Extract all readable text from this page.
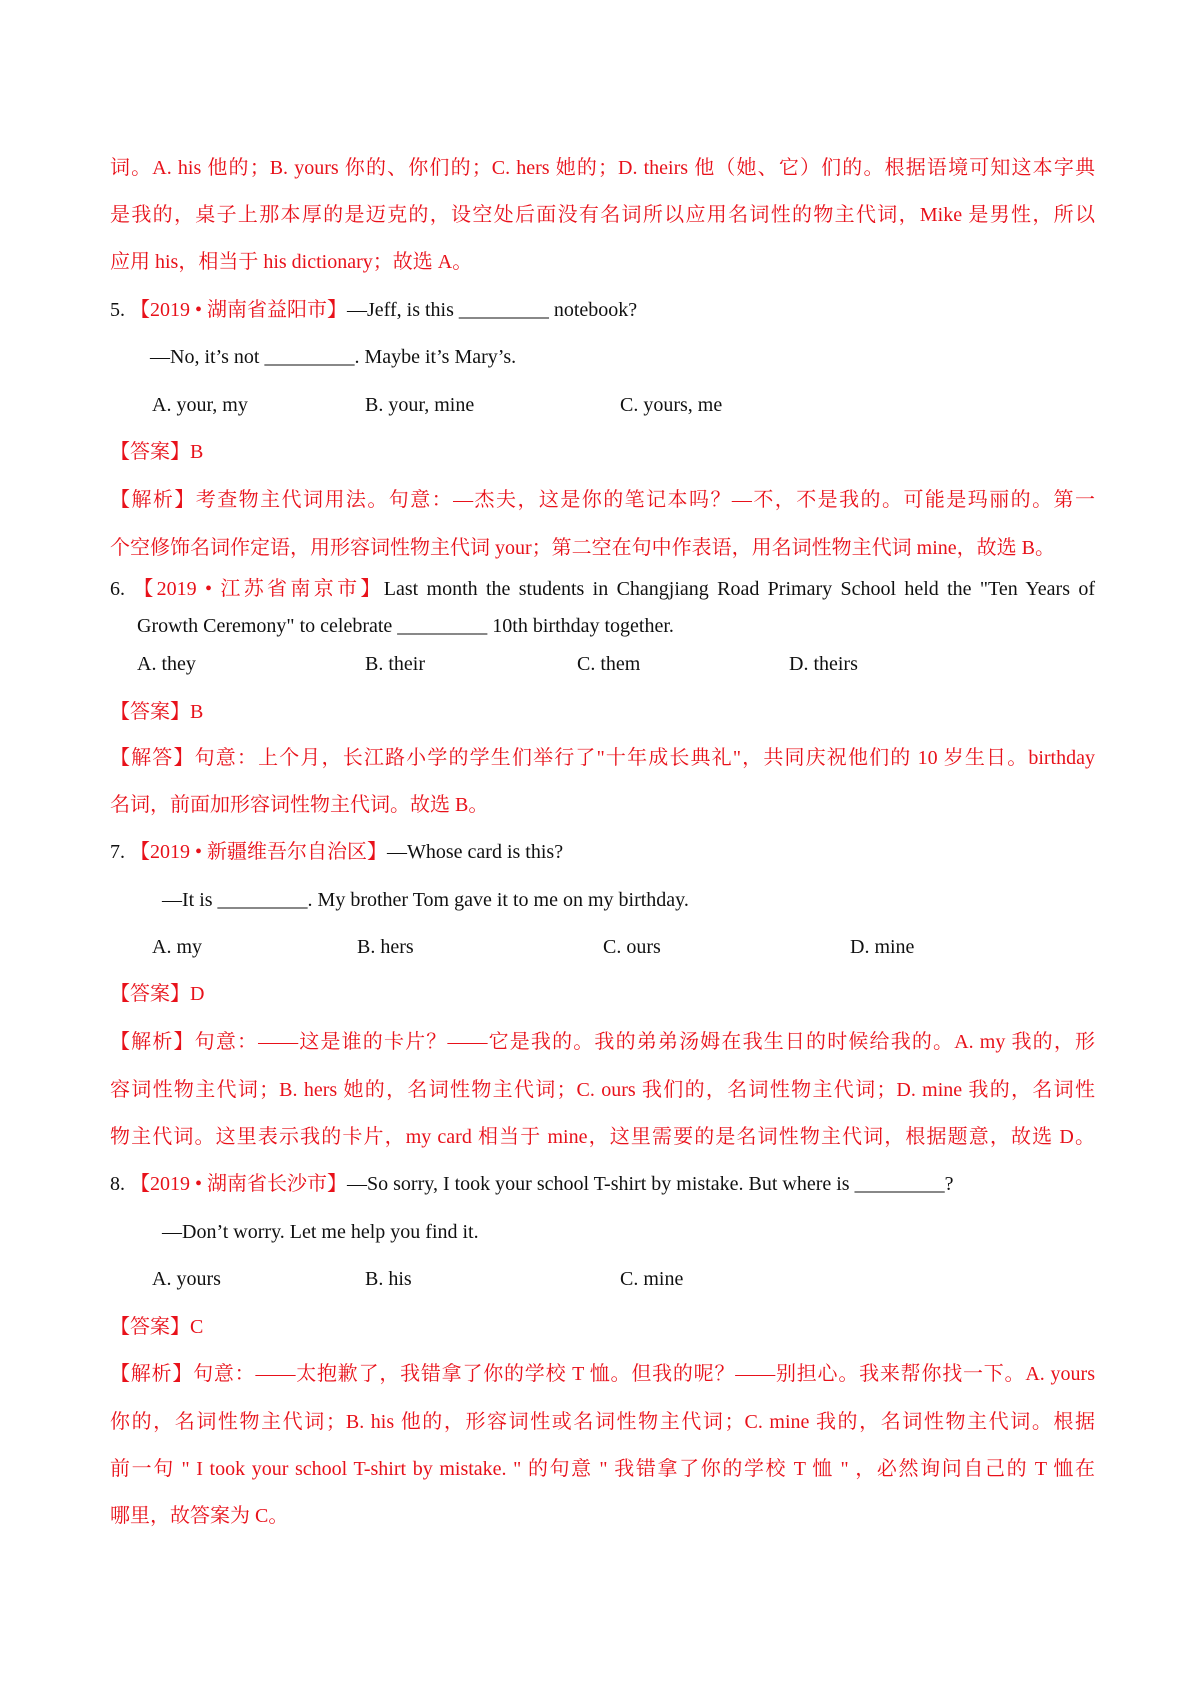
词。A. his 他的；B. yours 你的、你们的；C. hers 她的；D. theirs 他（她、它）们的。根据语境可知这本字典
是我的，桌子上那本厚的是迈克的，设空处后面没有名词所以应用名词性的物主代词，Mike 是男性，所以
应用 his，相当于 his dictionary；故选 A。
5. 【2019 • 湖南省益阳市】—Jeff, is this _________ notebook?
—No, it’s not _________. Maybe it’s Mary’s.
A. your, my	B. your, mine	C. yours, me
【答案】B
【解析】考查物主代词用法。句意：—杰夫，这是你的笔记本吗？—不，不是我的。可能是玛丽的。第一
个空修饰名词作定语，用形容词性物主代词 your；第二空在句中作表语，用名词性物主代词 mine，故选 B。
6. 【2019 • 江苏省南京市】Last month the students in Changjiang Road Primary School held the "Ten Years of
Growth Ceremony" to celebrate _________ 10th birthday together.
A. they	B. their	C. them	D. theirs
【答案】B
【解答】句意：上个月，长江路小学的学生们举行了"十年成长典礼"，共同庆祝他们的 10 岁生日。birthday
名词，前面加形容词性物主代词。故选 B。
7. 【2019 • 新疆维吾尔自治区】—Whose card is this?
—It is _________. My brother Tom gave it to me on my birthday.
A. my	B. hers	C. ours	D. mine
【答案】D
【解析】句意：——这是谁的卡片？——它是我的。我的弟弟汤姆在我生日的时候给我的。A. my 我的，形
容词性物主代词；B. hers 她的，名词性物主代词；C. ours 我们的，名词性物主代词；D. mine 我的，名词性
物主代词。这里表示我的卡片，my card 相当于 mine，这里需要的是名词性物主代词，根据题意，故选 D。
8. 【2019 • 湖南省长沙市】—So sorry, I took your school T-shirt by mistake. But where is _________?
—Don’t worry. Let me help you find it.
A. yours	B. his	C. mine
【答案】C
【解析】句意：——太抱歉了，我错拿了你的学校 T 恤。但我的呢？——别担心。我来帮你找一下。A. yours
你的，名词性物主代词；B. his 他的，形容词性或名词性物主代词；C. mine 我的，名词性物主代词。根据
前一句 " I took your school T-shirt by mistake. " 的句意 " 我错拿了你的学校 T 恤 " ，必然询问自己的 T 恤在
哪里，故答案为 C。
